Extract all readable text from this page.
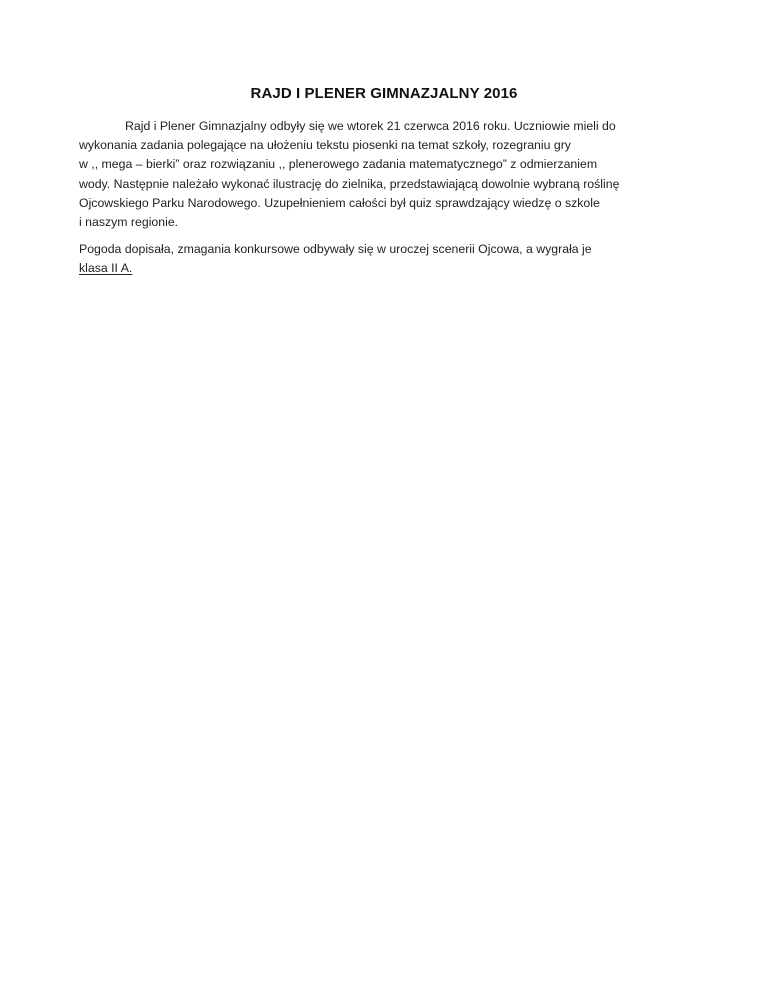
RAJD I PLENER GIMNAZJALNY 2016
Rajd i Plener Gimnazjalny odbyły się we wtorek 21 czerwca 2016 roku. Uczniowie mieli do
wykonania zadania polegające na ułożeniu tekstu piosenki na temat szkoły, rozegraniu gry
w ,, mega – bierki” oraz rozwiązaniu ,, plenerowego zadania matematycznego” z odmierzaniem
wody. Następnie należało wykonać ilustrację do zielnika, przedstawiającą dowolnie wybraną roślinę
Ojcowskiego Parku Narodowego. Uzupełnieniem całości był quiz sprawdzający wiedzę o szkole
i naszym regionie.
Pogoda dopisała, zmagania konkursowe odbywały się w uroczej scenerii Ojcowa, a wygrała je
klasa II A.
